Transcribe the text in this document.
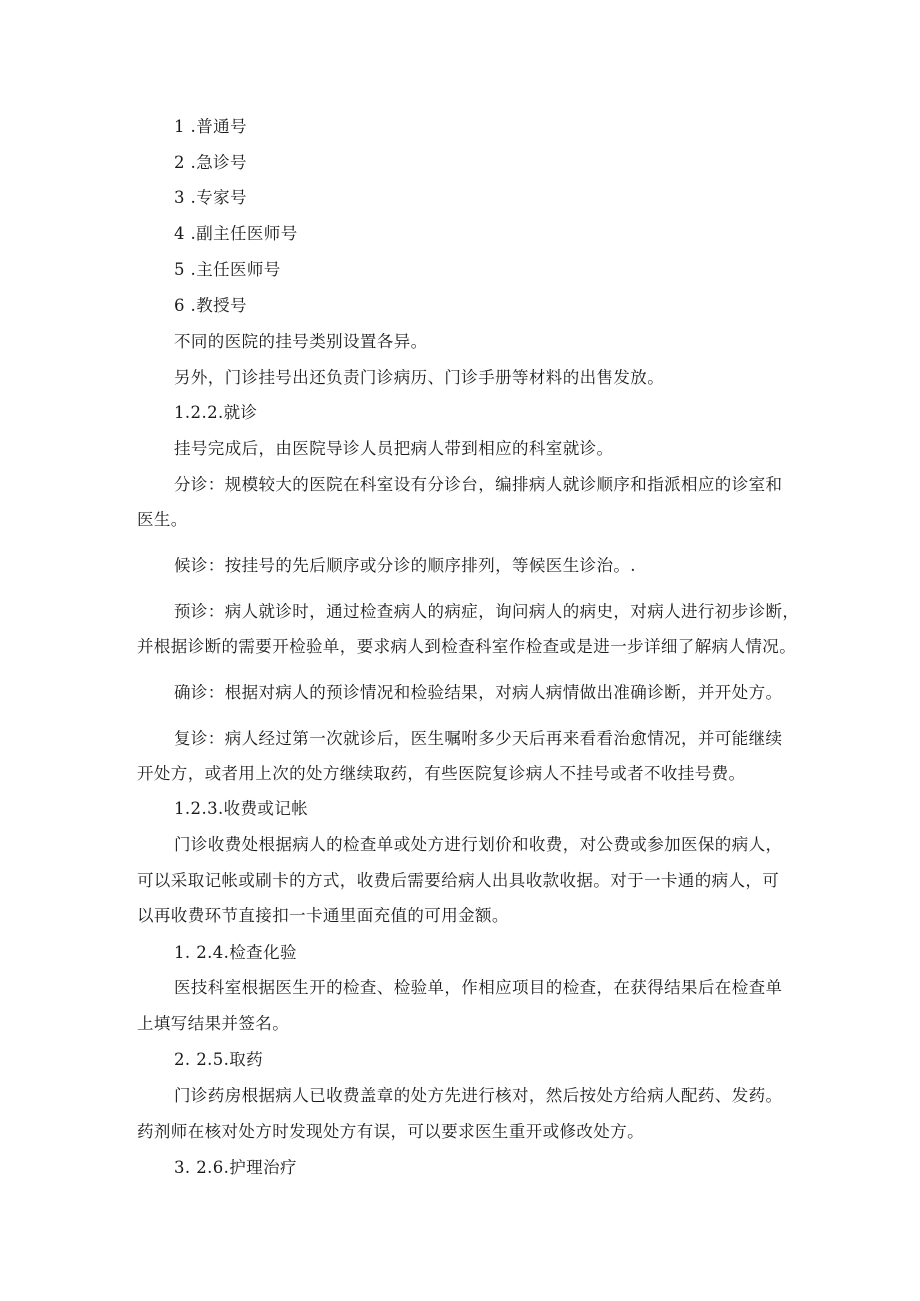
1 .普通号
2 .急诊号
3 .专家号
4 .副主任医师号
5 .主任医师号
6 .教授号
不同的医院的挂号类别设置各异。
另外，门诊挂号出还负责门诊病历、门诊手册等材料的出售发放。
1.2.2.就诊
挂号完成后，由医院导诊人员把病人带到相应的科室就诊。
分诊：规模较大的医院在科室设有分诊台，编排病人就诊顺序和指派相应的诊室和
医生。
候诊：按挂号的先后顺序或分诊的顺序排列，等候医生诊治。.
预诊：病人就诊时，通过检查病人的病症，询问病人的病史，对病人进行初步诊断，
并根据诊断的需要开检验单，要求病人到检查科室作检查或是进一步详细了解病人情况。
确诊：根据对病人的预诊情况和检验结果，对病人病情做出准确诊断，并开处方。
复诊：病人经过第一次就诊后，医生嘱咐多少天后再来看看治愈情况，并可能继续
开处方，或者用上次的处方继续取药，有些医院复诊病人不挂号或者不收挂号费。
1.2.3.收费或记帐
门诊收费处根据病人的检查单或处方进行划价和收费，对公费或参加医保的病人，
可以采取记帐或刷卡的方式，收费后需要给病人出具收款收据。对于一卡通的病人，可
以再收费环节直接扣一卡通里面充值的可用金额。
1. 2.4.检查化验
医技科室根据医生开的检查、检验单，作相应项目的检查，在获得结果后在检查单
上填写结果并签名。
2. 2.5.取药
门诊药房根据病人已收费盖章的处方先进行核对，然后按处方给病人配药、发药。
药剂师在核对处方时发现处方有误，可以要求医生重开或修改处方。
3. 2.6.护理治疗
